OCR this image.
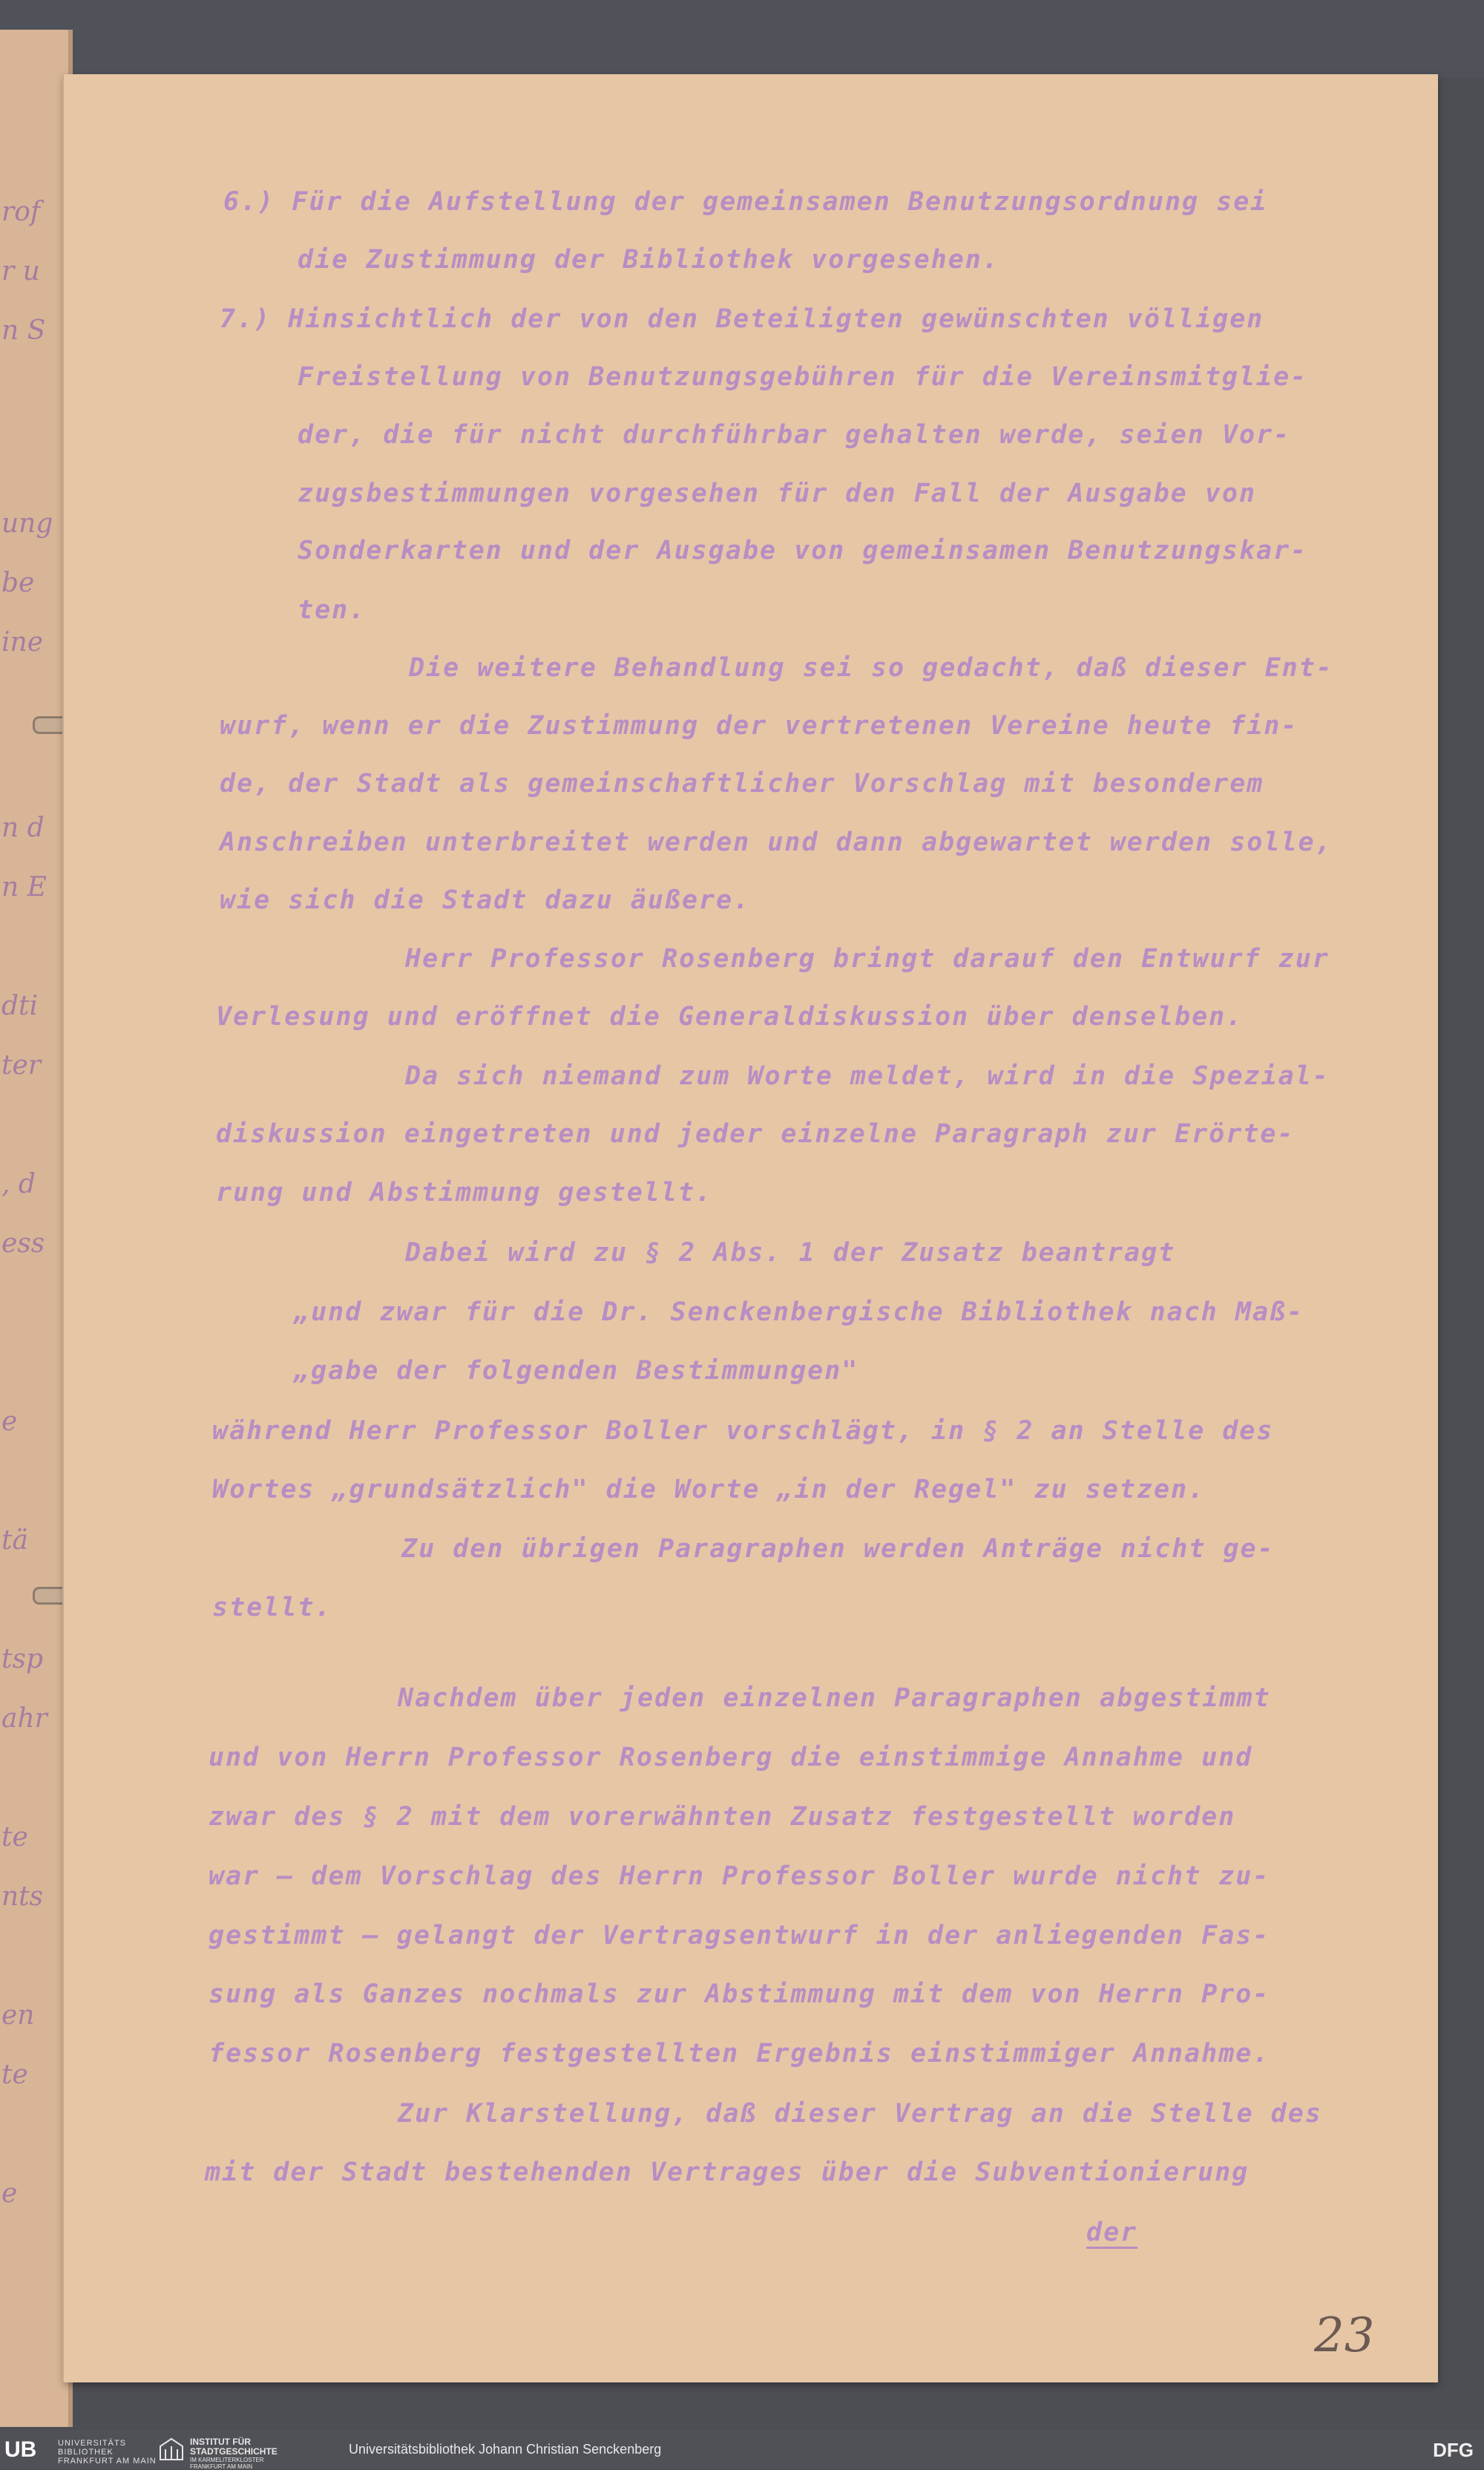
rof
r u
n S
ung
be
ine
n d
n E
dti
ter
, d
ess
e
tä
tsp
ahr
te
nts
en
te
e
6.) Für die Aufstellung der gemeinsamen Benutzungsordnung sei
die Zustimmung der Bibliothek vorgesehen.
7.) Hinsichtlich der von den Beteiligten gewünschten völligen
Freistellung von Benutzungsgebühren für die Vereinsmitglie-
der, die für nicht durchführbar gehalten werde, seien Vor-
zugsbestimmungen vorgesehen für den Fall der Ausgabe von
Sonderkarten und der Ausgabe von gemeinsamen Benutzungskar-
ten.
Die weitere Behandlung sei so gedacht, daß dieser Ent-
wurf, wenn er die Zustimmung der vertretenen Vereine heute fin-
de, der Stadt als gemeinschaftlicher Vorschlag mit besonderem
Anschreiben unterbreitet werden und dann abgewartet werden solle,
wie sich die Stadt dazu äußere.
Herr Professor Rosenberg bringt darauf den Entwurf zur
Verlesung und eröffnet die Generaldiskussion über denselben.
Da sich niemand zum Worte meldet, wird in die Spezial-
diskussion eingetreten und jeder einzelne Paragraph zur Erörte-
rung und Abstimmung gestellt.
Dabei wird zu § 2 Abs. 1 der Zusatz beantragt
„und zwar für die Dr. Senckenbergische Bibliothek nach Maß-
„gabe der folgenden Bestimmungen"
während Herr Professor Boller vorschlägt, in § 2 an Stelle des
Wortes „grundsätzlich" die Worte „in der Regel" zu setzen.
Zu den übrigen Paragraphen werden Anträge nicht ge-
stellt.
Nachdem über jeden einzelnen Paragraphen abgestimmt
und von Herrn Professor Rosenberg die einstimmige Annahme und
zwar des § 2 mit dem vorerwähnten Zusatz festgestellt worden
war – dem Vorschlag des Herrn Professor Boller wurde nicht zu-
gestimmt – gelangt der Vertragsentwurf in der anliegenden Fas-
sung als Ganzes nochmals zur Abstimmung mit dem von Herrn Pro-
fessor Rosenberg festgestellten Ergebnis einstimmiger Annahme.
Zur Klarstellung, daß dieser Vertrag an die Stelle des
mit der Stadt bestehenden Vertrages über die Subventionierung
der
23
UB	UNIVERSITÄTS
BIBLIOTHEK
FRANKFURT AM MAIN
INSTITUT FÜR
STADTGESCHICHTE
IM KARMELITERKLOSTER
FRANKFURT AM MAIN
Universitätsbibliothek Johann Christian Senckenberg	DFG
